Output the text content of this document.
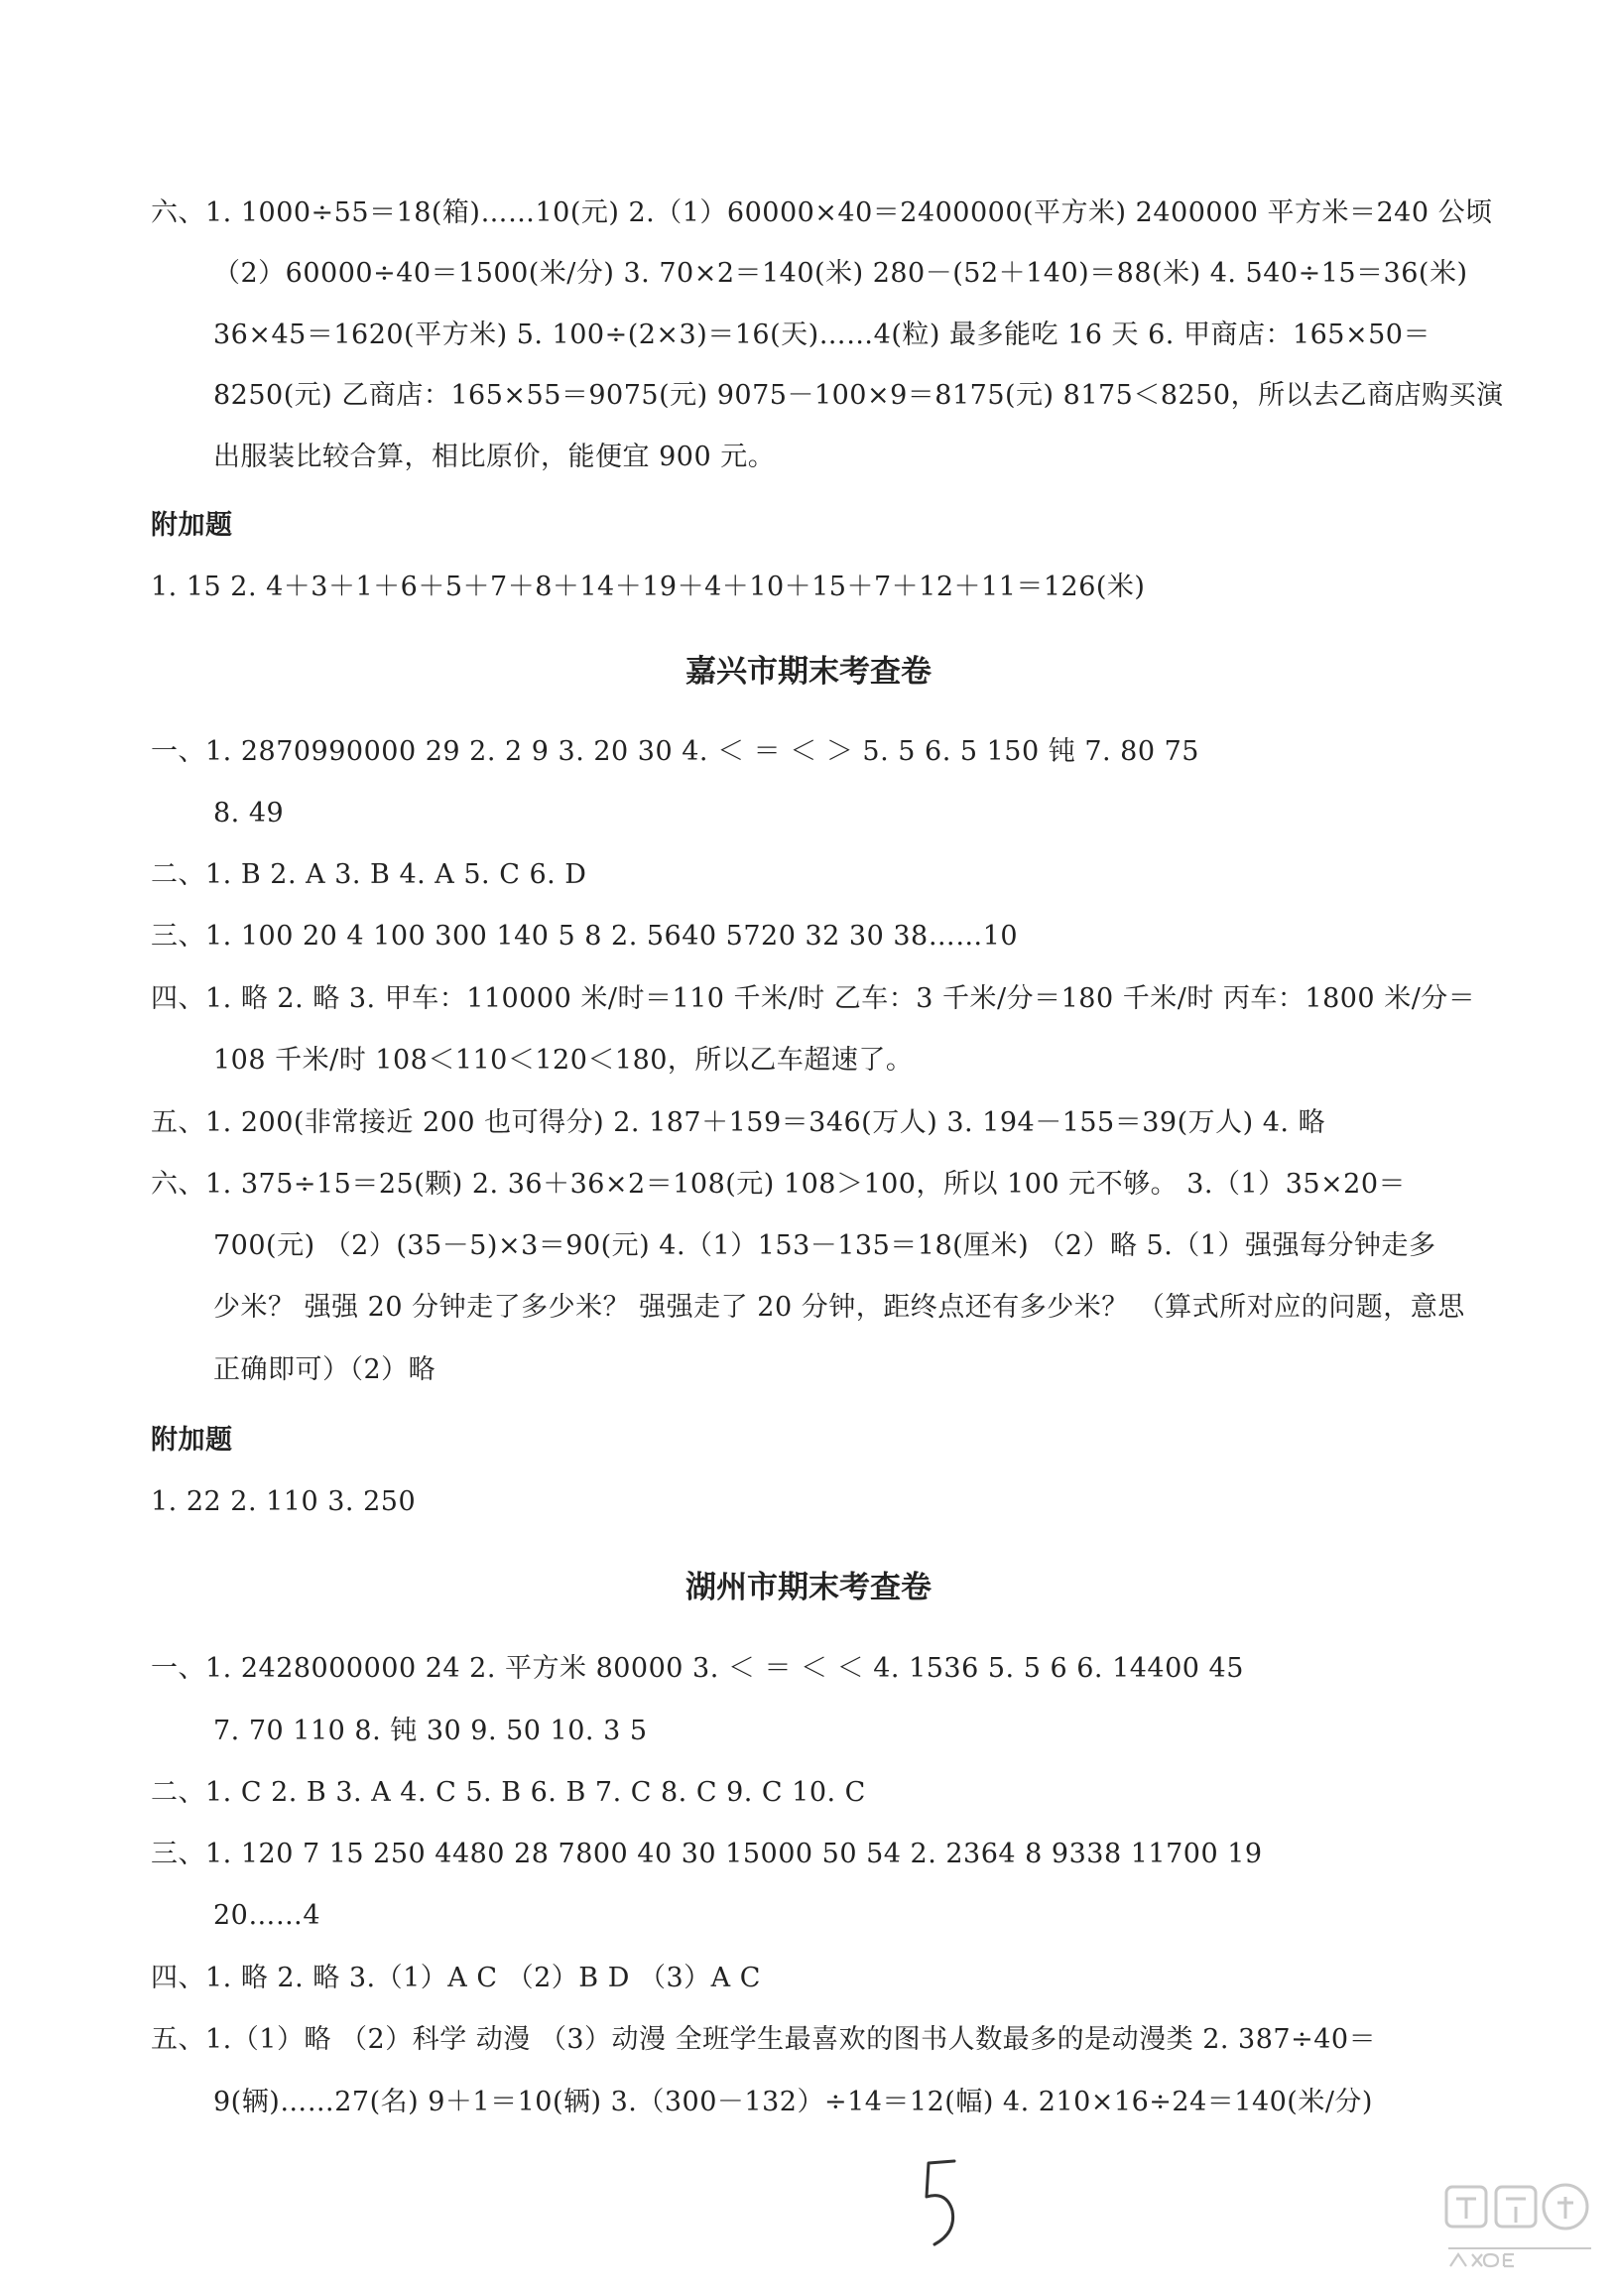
六、1. 1000÷55＝18(箱)……10(元) 2.（1）60000×40＝2400000(平方米) 2400000 平方米＝240 公顷
（2）60000÷40＝1500(米/分) 3. 70×2＝140(米) 280－(52＋140)＝88(米) 4. 540÷15＝36(米)
36×45＝1620(平方米) 5. 100÷(2×3)＝16(天)……4(粒) 最多能吃 16 天 6. 甲商店：165×50＝
8250(元) 乙商店：165×55＝9075(元) 9075－100×9＝8175(元) 8175＜8250，所以去乙商店购买演
出服装比较合算，相比原价，能便宜 900 元。
附加题
1. 15 2. 4＋3＋1＋6＋5＋7＋8＋14＋19＋4＋10＋15＋7＋12＋11＝126(米)
嘉兴市期末考查卷
一、1. 2870990000 29 2. 2 9 3. 20 30 4. ＜ ＝ ＜ ＞ 5. 5 6. 5 150 钝 7. 80 75
8. 49
二、1. B 2. A 3. B 4. A 5. C 6. D
三、1. 100 20 4 100 300 140 5 8 2. 5640 5720 32 30 38……10
四、1. 略 2. 略 3. 甲车：110000 米/时＝110 千米/时 乙车：3 千米/分＝180 千米/时 丙车：1800 米/分＝
108 千米/时 108＜110＜120＜180，所以乙车超速了。
五、1. 200(非常接近 200 也可得分) 2. 187＋159＝346(万人) 3. 194－155＝39(万人) 4. 略
六、1. 375÷15＝25(颗) 2. 36＋36×2＝108(元) 108＞100，所以 100 元不够。 3.（1）35×20＝
700(元) （2）(35－5)×3＝90(元) 4.（1）153－135＝18(厘米) （2）略 5.（1）强强每分钟走多
少米？ 强强 20 分钟走了多少米？ 强强走了 20 分钟，距终点还有多少米？ （算式所对应的问题，意思
正确即可）（2）略
附加题
1. 22 2. 110 3. 250
湖州市期末考查卷
一、1. 2428000000 24 2. 平方米 80000 3. ＜ ＝ ＜ ＜ 4. 1536 5. 5 6 6. 14400 45
7. 70 110 8. 钝 30 9. 50 10. 3 5
二、1. C 2. B 3. A 4. C 5. B 6. B 7. C 8. C 9. C 10. C
三、1. 120 7 15 250 4480 28 7800 40 30 15000 50 54 2. 2364 8 9338 11700 19
20……4
四、1. 略 2. 略 3.（1）A C （2）B D （3）A C
五、1.（1）略 （2）科学 动漫 （3）动漫 全班学生最喜欢的图书人数最多的是动漫类 2. 387÷40＝
9(辆)……27(名) 9＋1＝10(辆) 3.（300－132）÷14＝12(幅) 4. 210×16÷24＝140(米/分)
